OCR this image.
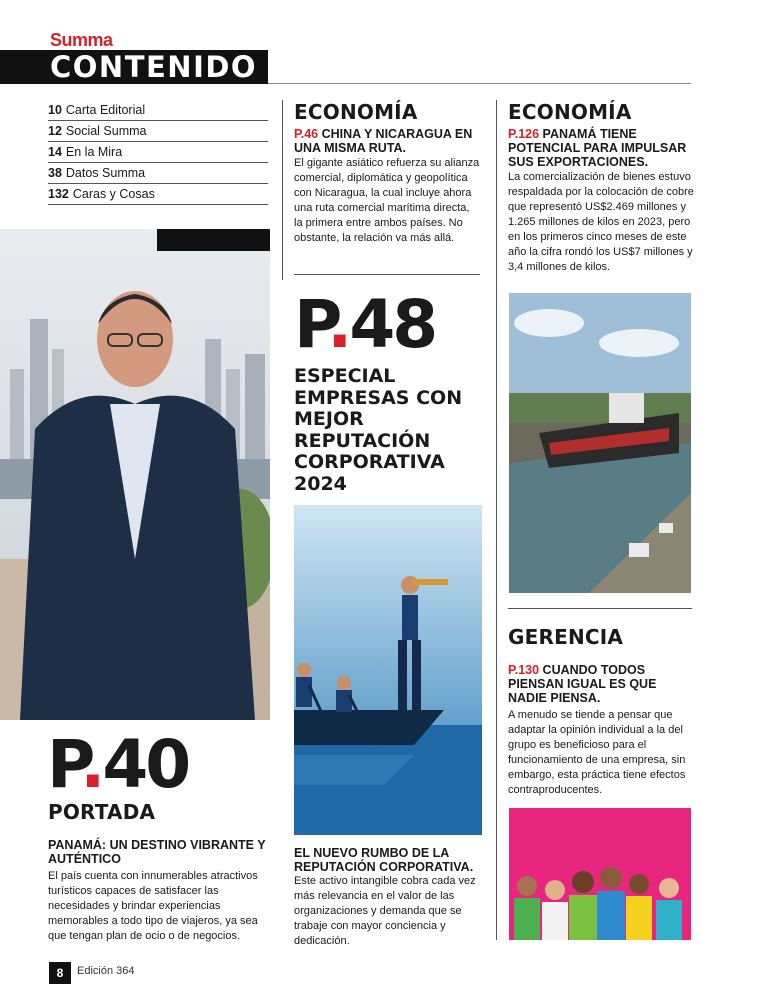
Summa
CONTENIDO
10 Carta Editorial
12 Social Summa
14 En la Mira
38 Datos Summa
132 Caras y Cosas
P.40
PORTADA
PANAMÁ: UN DESTINO VIBRANTE Y AUTÉNTICO
El país cuenta con innumerables atractivos turísticos capaces de satisfacer las necesidades y brindar experiencias memorables a todo tipo de viajeros, ya sea que tengan plan de ocio o de negocios.
ECONOMÍA
P.46 CHINA Y NICARAGUA EN UNA MISMA RUTA.
El gigante asiático refuerza su alianza comercial, diplomática y geopolítica con Nicaragua, la cual incluye ahora una ruta comercial marítima directa, la primera entre ambos países. No obstante, la relación va más allá.
P.48
ESPECIAL EMPRESAS CON MEJOR REPUTACIÓN CORPORATIVA 2024
EL NUEVO RUMBO DE LA REPUTACIÓN CORPORATIVA.
Este activo intangible cobra cada vez más relevancia en el valor de las organizaciones y demanda que se trabaje con mayor conciencia y dedicación.
ECONOMÍA
P.126 PANAMÁ TIENE POTENCIAL PARA IMPULSAR SUS EXPORTACIONES.
La comercialización de bienes estuvo respaldada por la colocación de cobre que representó US$2.469 millones y 1.265 millones de kilos en 2023, pero en los primeros cinco meses de este año la cifra rondó los US$7 millones y 3,4 millones de kilos.
GERENCIA
P.130 CUANDO TODOS PIENSAN IGUAL ES QUE NADIE PIENSA.
A menudo se tiende a pensar que adaptar la opinión individual a la del grupo es beneficioso para el funcionamiento de una empresa, sin embargo, esta práctica tiene efectos contraproducentes.
8	Edición 364
